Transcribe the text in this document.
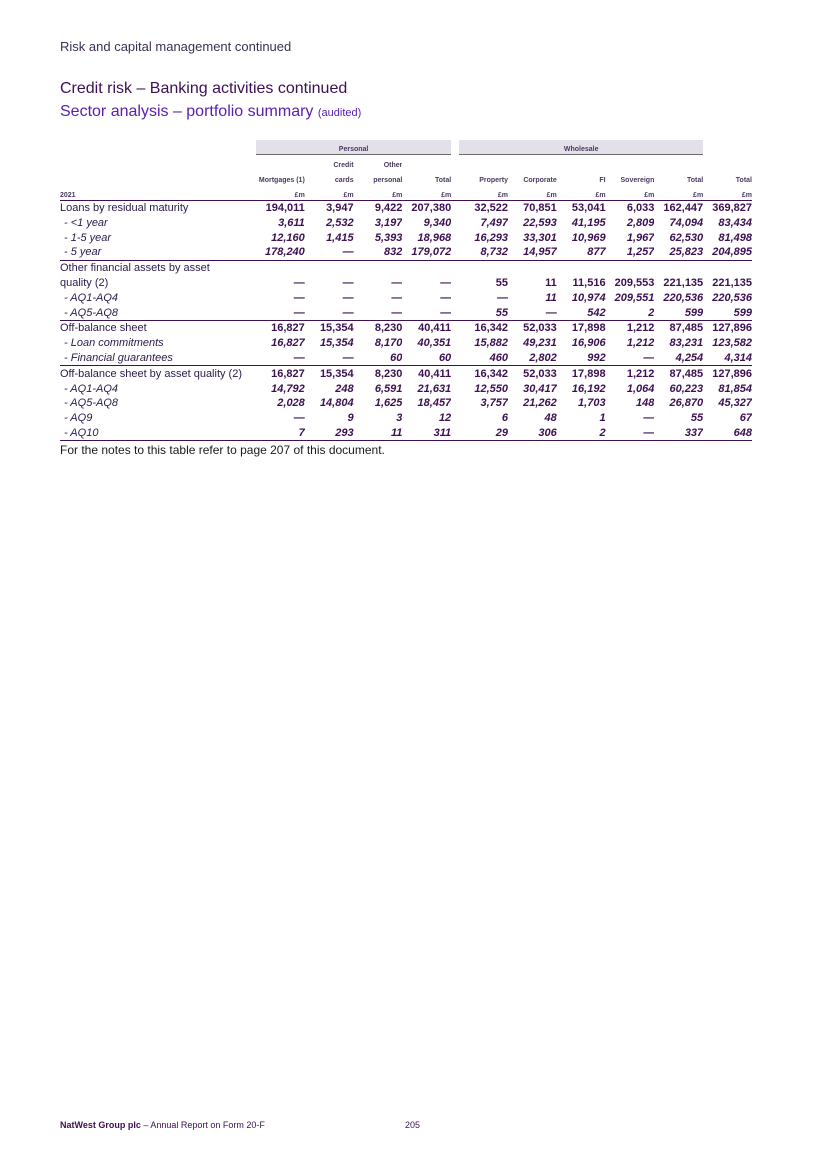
Risk and capital management continued
Credit risk – Banking activities continued
Sector analysis – portfolio summary (audited)
	Personal					Wholesale					
		Credit	Other								
	Mortgages (1)	cards	personal	Total		Property	Corporate	FI	Sovereign	Total	Total
2021	£m	£m	£m	£m		£m	£m	£m	£m	£m	£m
Loans by residual maturity	194,011	3,947	9,422	207,380		32,522	70,851	53,041	6,033	162,447	369,827
- <1 year	3,611	2,532	3,197	9,340		7,497	22,593	41,195	2,809	74,094	83,434
- 1-5 year	12,160	1,415	5,393	18,968		16,293	33,301	10,969	1,967	62,530	81,498
- 5 year	178,240	—	832	179,072		8,732	14,957	877	1,257	25,823	204,895
Other financial assets by asset											
quality (2)	—	—	—	—		55	11	11,516	209,553	221,135	221,135
- AQ1-AQ4	—	—	—	—		—	11	10,974	209,551	220,536	220,536
- AQ5-AQ8	—	—	—	—		55	—	542	2	599	599
Off-balance sheet	16,827	15,354	8,230	40,411		16,342	52,033	17,898	1,212	87,485	127,896
- Loan commitments	16,827	15,354	8,170	40,351		15,882	49,231	16,906	1,212	83,231	123,582
- Financial guarantees	—	—	60	60		460	2,802	992	—	4,254	4,314
Off-balance sheet by asset quality (2)	16,827	15,354	8,230	40,411		16,342	52,033	17,898	1,212	87,485	127,896
- AQ1-AQ4	14,792	248	6,591	21,631		12,550	30,417	16,192	1,064	60,223	81,854
- AQ5-AQ8	2,028	14,804	1,625	18,457		3,757	21,262	1,703	148	26,870	45,327
- AQ9	—	9	3	12		6	48	1	—	55	67
- AQ10	7	293	11	311		29	306	2	—	337	648
For the notes to this table refer to page 207 of this document.
NatWest Group plc – Annual Report on Form 20-F	205
